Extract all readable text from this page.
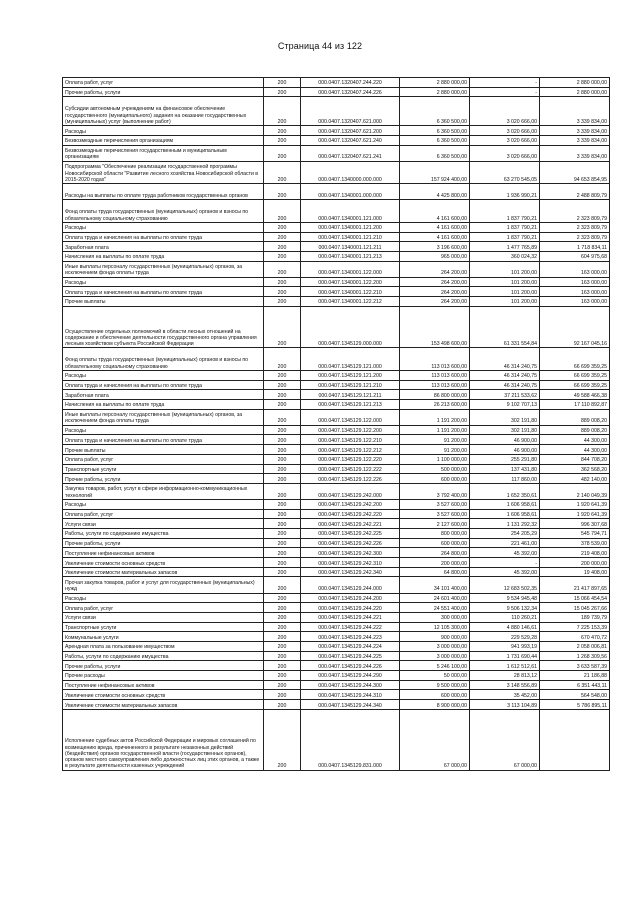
Страница 44 из 122
Оплата работ, услуг	200	000.0407.1320407.244.220	2 880 000,00	-	2 880 000,00
Прочие работы, услуги	200	000.0407.1320407.244.226	2 880 000,00	-	2 880 000,00
Субсидии автономным учреждениям на финансовое обеспечение государственного (муниципального) задания на оказание государственных (муниципальных) услуг (выполнение работ)	200	000.0407.1320407.621.000	6 360 500,00	3 020 666,00	3 339 834,00
Расходы	200	000.0407.1320407.621.200	6 360 500,00	3 020 666,00	3 339 834,00
Безвозмездные перечисления организациям	200	000.0407.1320407.621.240	6 360 500,00	3 020 666,00	3 339 834,00
Безвозмездные перечисления государственным и муниципальным организациям	200	000.0407.1320407.621.241	6 360 500,00	3 020 666,00	3 339 834,00
Подпрограмма "Обеспечение реализации государственной программы Новосибирской области "Развитие лесного хозяйства Новосибирской области в 2015-2020 годах"	200	000.0407.1340000.000.000	157 924 400,00	63 270 545,05	94 653 854,95
Расходы на выплаты по оплате труда работников государственных органов	200	000.0407.1340001.000.000	4 425 800,00	1 936 990,21	2 488 809,79
Фонд оплаты труда государственных (муниципальных) органов и взносы по обязательному социальному страхованию	200	000.0407.1340001.121.000	4 161 600,00	1 837 790,21	2 323 809,79
Расходы	200	000.0407.1340001.121.200	4 161 600,00	1 837 790,21	2 323 809,79
Оплата труда и начисления на выплаты по оплате труда	200	000.0407.1340001.121.210	4 161 600,00	1 837 790,21	2 323 809,79
Заработная плата	200	000.0407.1340001.121.211	3 196 600,00	1 477 765,89	1 718 834,11
Начисления на выплаты по оплате труда	200	000.0407.1340001.121.213	965 000,00	360 024,32	604 975,68
Иные выплаты персоналу государственных (муниципальных) органов, за исключением фонда оплаты труда	200	000.0407.1340001.122.000	264 200,00	101 200,00	163 000,00
Расходы	200	000.0407.1340001.122.200	264 200,00	101 200,00	163 000,00
Оплата труда и начисления на выплаты по оплате труда	200	000.0407.1340001.122.210	264 200,00	101 200,00	163 000,00
Прочие выплаты	200	000.0407.1340001.122.212	264 200,00	101 200,00	163 000,00
Осуществление отдельных полномочий в области лесных отношений на содержание и обеспечение деятельности государственного органа управления лесным хозяйством субъекта Российской Федерации	200	000.0407.1345129.000.000	153 498 600,00	61 331 554,84	92 167 045,16
Фонд оплаты труда государственных (муниципальных) органов и взносы по обязательному социальному страхованию	200	000.0407.1345129.121.000	113 013 600,00	46 314 240,75	66 699 359,25
Расходы	200	000.0407.1345129.121.200	113 013 600,00	46 314 240,75	66 699 359,25
Оплата труда и начисления на выплаты по оплате труда	200	000.0407.1345129.121.210	113 013 600,00	46 314 240,75	66 699 359,25
Заработная плата	200	000.0407.1345129.121.211	86 800 000,00	37 211 533,62	49 588 466,38
Начисления на выплаты по оплате труда	200	000.0407.1345129.121.213	26 213 600,00	9 102 707,13	17 110 892,87
Иные выплаты персоналу государственных (муниципальных) органов, за исключением фонда оплаты труда	200	000.0407.1345129.122.000	1 191 200,00	302 191,80	889 008,20
Расходы	200	000.0407.1345129.122.200	1 191 200,00	302 191,80	889 008,20
Оплата труда и начисления на выплаты по оплате труда	200	000.0407.1345129.122.210	91 200,00	46 900,00	44 300,00
Прочие выплаты	200	000.0407.1345129.122.212	91 200,00	46 900,00	44 300,00
Оплата работ, услуг	200	000.0407.1345129.122.220	1 100 000,00	255 291,80	844 708,20
Транспортные услуги	200	000.0407.1345129.122.222	500 000,00	137 431,80	362 568,20
Прочие работы, услуги	200	000.0407.1345129.122.226	600 000,00	117 860,00	482 140,00
Закупка товаров, работ, услуг в сфере информационно-коммуникационных технологий	200	000.0407.1345129.242.000	3 792 400,00	1 652 350,61	2 140 049,39
Расходы	200	000.0407.1345129.242.200	3 527 600,00	1 606 958,61	1 920 641,39
Оплата работ, услуг	200	000.0407.1345129.242.220	3 527 600,00	1 606 958,61	1 920 641,39
Услуги связи	200	000.0407.1345129.242.221	2 127 600,00	1 131 292,32	996 307,68
Работы, услуги по содержанию имущества	200	000.0407.1345129.242.225	800 000,00	254 205,29	545 794,71
Прочие работы, услуги	200	000.0407.1345129.242.226	600 000,00	221 461,00	378 539,00
Поступление нефинансовых активов	200	000.0407.1345129.242.300	264 800,00	45 392,00	219 408,00
Увеличение стоимости основных средств	200	000.0407.1345129.242.310	200 000,00	-	200 000,00
Увеличение стоимости материальных запасов	200	000.0407.1345129.242.340	64 800,00	45 392,00	19 408,00
Прочая закупка товаров, работ и услуг для государственных (муниципальных) нужд	200	000.0407.1345129.244.000	34 101 400,00	12 683 502,35	21 417 897,65
Расходы	200	000.0407.1345129.244.200	24 601 400,00	9 534 945,48	15 066 454,54
Оплата работ, услуг	200	000.0407.1345129.244.220	24 551 400,00	9 506 132,34	15 045 267,66
Услуги связи	200	000.0407.1345129.244.221	300 000,00	110 260,21	189 739,79
Транспортные услуги	200	000.0407.1345129.244.222	12 105 300,00	4 880 146,61	7 225 153,39
Коммунальные услуги	200	000.0407.1345129.244.223	900 000,00	229 529,28	670 470,72
Арендная плата за пользование имуществом	200	000.0407.1345129.244.224	3 000 000,00	941 993,19	2 058 006,81
Работы, услуги по содержанию имущества	200	000.0407.1345129.244.225	3 000 000,00	1 731 690,44	1 268 309,56
Прочие работы, услуги	200	000.0407.1345129.244.226	5 246 100,00	1 612 512,61	3 633 587,39
Прочие расходы	200	000.0407.1345129.244.290	50 000,00	28 813,12	21 186,88
Поступление нефинансовых активов	200	000.0407.1345129.244.300	9 500 000,00	3 148 556,89	6 351 443,11
Увеличение стоимости основных средств	200	000.0407.1345129.244.310	600 000,00	35 452,00	564 548,00
Увеличение стоимости материальных запасов	200	000.0407.1345129.244.340	8 900 000,00	3 113 104,89	5 786 895,11
Исполнение судебных актов Российской Федерации и мировых соглашений по возмещению вреда, причиненного в результате незаконных действий (бездействия) органов государственной власти (государственных органов), органов местного самоуправления либо должностных лиц этих органов, а также в результате деятельности казенных учреждений	200	000.0407.1345129.831.000	67 000,00	67 000,00	
